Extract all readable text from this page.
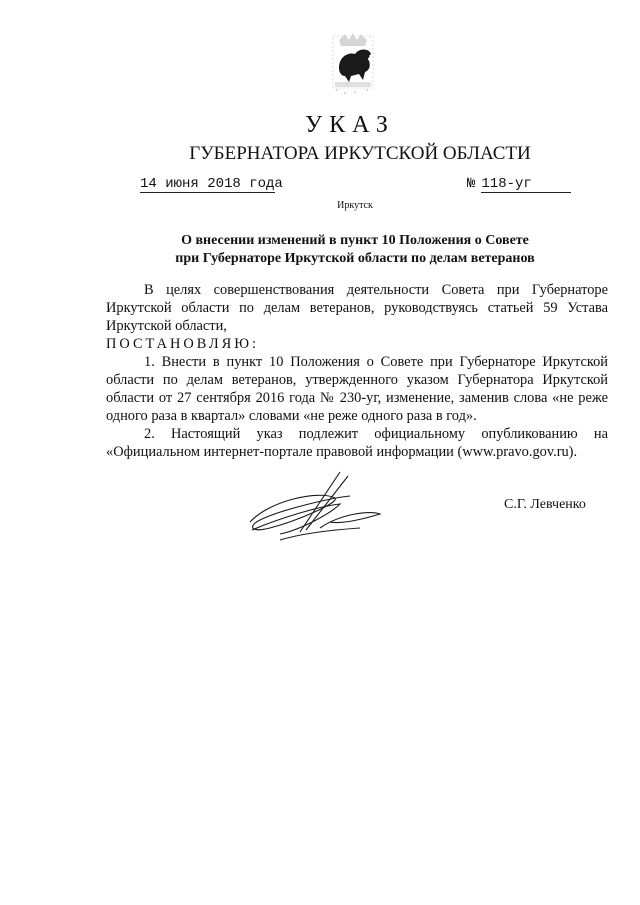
УКАЗ
ГУБЕРНАТОРА ИРКУТСКОЙ ОБЛАСТИ
14 июня 2018 года	№ 118-уг
Иркутск
О внесении изменений в пункт 10 Положения о Совете
при Губернаторе Иркутской области по делам ветеранов

В целях совершенствования деятельности Совета при Губернаторе Иркутской области по делам ветеранов, руководствуясь статьей 59 Устава Иркутской области,

ПОСТАНОВЛЯЮ:

1. Внести в пункт 10 Положения о Совете при Губернаторе Иркутской области по делам ветеранов, утвержденного указом Губернатора Иркутской области от 27 сентября 2016 года № 230-уг, изменение, заменив слова «не реже одного раза в квартал» словами «не реже одного раза в год».

2. Настоящий указ подлежит официальному опубликованию на «Официальном интернет-портале правовой информации (www.pravo.gov.ru).

С.Г. Левченко
